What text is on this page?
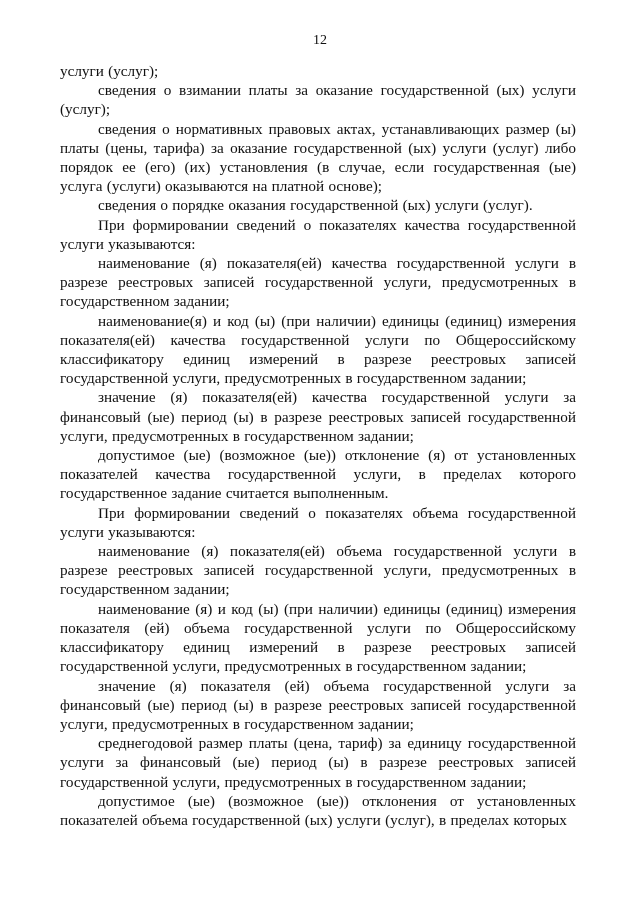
12

услуги (услуг);

сведения о взимании платы за оказание государственной (ых) услуги (услуг);

сведения о нормативных правовых актах, устанавливающих размер (ы) платы (цены, тарифа) за оказание государственной (ых) услуги (услуг) либо порядок ее (его) (их) установления (в случае, если государственная (ые) услуга (услуги) оказываются на платной основе);

сведения о порядке оказания государственной (ых) услуги (услуг).

При формировании сведений о показателях качества государственной услуги указываются:

наименование (я) показателя(ей) качества государственной услуги в разрезе реестровых записей государственной услуги, предусмотренных в государственном задании;

наименование(я) и код (ы) (при наличии) единицы (единиц) измерения показателя(ей) качества государственной услуги по Общероссийскому классификатору единиц измерений в разрезе реестровых записей государственной услуги, предусмотренных в государственном задании;

значение (я) показателя(ей) качества государственной услуги за финансовый (ые) период (ы) в разрезе реестровых записей государственной услуги, предусмотренных в государственном задании;

допустимое (ые) (возможное (ые)) отклонение (я) от установленных показателей качества государственной услуги, в пределах которого государственное задание считается выполненным.

При формировании сведений о показателях объема государственной услуги указываются:

наименование (я) показателя(ей) объема государственной услуги в разрезе реестровых записей государственной услуги, предусмотренных в государственном задании;

наименование (я) и код (ы) (при наличии) единицы (единиц) измерения показателя (ей) объема государственной услуги по Общероссийскому классификатору единиц измерений в разрезе реестровых записей государственной услуги, предусмотренных в государственном задании;

значение (я) показателя (ей) объема государственной услуги за финансовый (ые) период (ы) в разрезе реестровых записей государственной услуги, предусмотренных в государственном задании;

среднегодовой размер платы (цена, тариф) за единицу государственной услуги за финансовый (ые) период (ы) в разрезе реестровых записей государственной услуги, предусмотренных в государственном задании;

допустимое (ые) (возможное (ые)) отклонения от установленных показателей объема государственной (ых) услуги (услуг), в пределах которых
